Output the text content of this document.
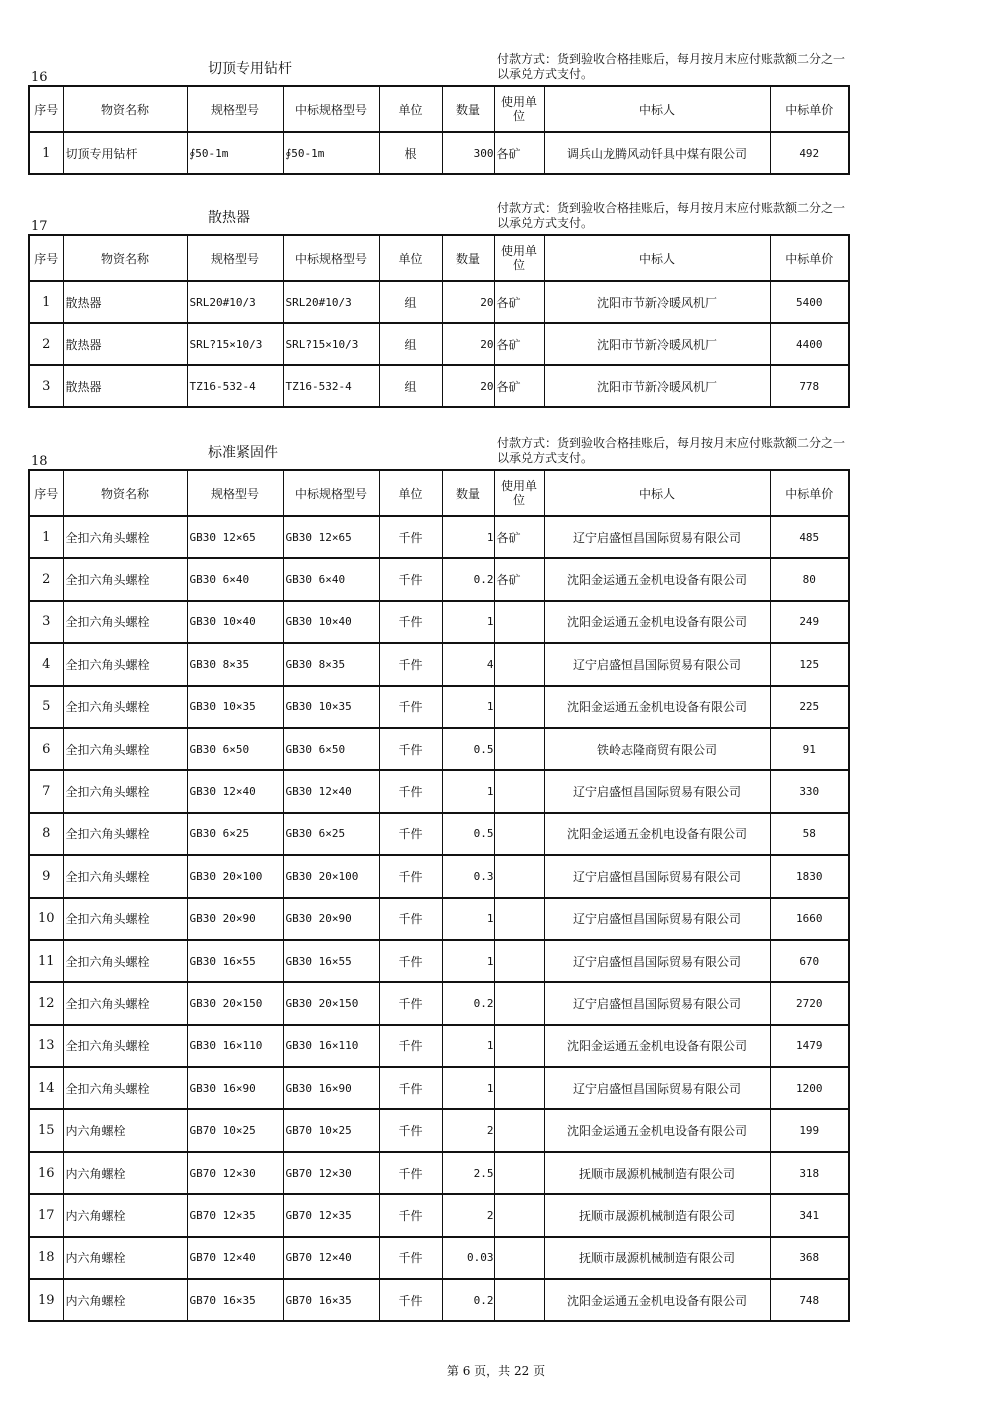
16
切顶专用钻杆
付款方式：货到验收合格挂账后，每月按月末应付账款额二分之一以承兑方式支付。
序号	物资名称	规格型号	中标规格型号	单位	数量	使用单位	中标人	中标单价
1	切顶专用钻杆	∮50-1m	∮50-1m	根	300	各矿	调兵山龙腾风动钎具中煤有限公司	492
17
散热器
付款方式：货到验收合格挂账后，每月按月末应付账款额二分之一以承兑方式支付。
序号	物资名称	规格型号	中标规格型号	单位	数量	使用单位	中标人	中标单价
1	散热器	SRL20#10/3	SRL20#10/3	组	20	各矿	沈阳市节新冷暖风机厂	5400
2	散热器	SRL?15×10/3	SRL?15×10/3	组	20	各矿	沈阳市节新冷暖风机厂	4400
3	散热器	TZ16-532-4	TZ16-532-4	组	20	各矿	沈阳市节新冷暖风机厂	778
18
标准紧固件
付款方式：货到验收合格挂账后，每月按月末应付账款额二分之一以承兑方式支付。
序号	物资名称	规格型号	中标规格型号	单位	数量	使用单位	中标人	中标单价
1	全扣六角头螺栓	GB30 12×65	GB30 12×65	千件	1	各矿	辽宁启盛恒昌国际贸易有限公司	485
2	全扣六角头螺栓	GB30 6×40	GB30 6×40	千件	0.2	各矿	沈阳金运通五金机电设备有限公司	80
3	全扣六角头螺栓	GB30 10×40	GB30 10×40	千件	1		沈阳金运通五金机电设备有限公司	249
4	全扣六角头螺栓	GB30 8×35	GB30 8×35	千件	4		辽宁启盛恒昌国际贸易有限公司	125
5	全扣六角头螺栓	GB30 10×35	GB30 10×35	千件	1		沈阳金运通五金机电设备有限公司	225
6	全扣六角头螺栓	GB30 6×50	GB30 6×50	千件	0.5		铁岭志隆商贸有限公司	91
7	全扣六角头螺栓	GB30 12×40	GB30 12×40	千件	1		辽宁启盛恒昌国际贸易有限公司	330
8	全扣六角头螺栓	GB30 6×25	GB30 6×25	千件	0.5		沈阳金运通五金机电设备有限公司	58
9	全扣六角头螺栓	GB30 20×100	GB30 20×100	千件	0.3		辽宁启盛恒昌国际贸易有限公司	1830
10	全扣六角头螺栓	GB30 20×90	GB30 20×90	千件	1		辽宁启盛恒昌国际贸易有限公司	1660
11	全扣六角头螺栓	GB30 16×55	GB30 16×55	千件	1		辽宁启盛恒昌国际贸易有限公司	670
12	全扣六角头螺栓	GB30 20×150	GB30 20×150	千件	0.2		辽宁启盛恒昌国际贸易有限公司	2720
13	全扣六角头螺栓	GB30 16×110	GB30 16×110	千件	1		沈阳金运通五金机电设备有限公司	1479
14	全扣六角头螺栓	GB30 16×90	GB30 16×90	千件	1		辽宁启盛恒昌国际贸易有限公司	1200
15	内六角螺栓	GB70 10×25	GB70 10×25	千件	2		沈阳金运通五金机电设备有限公司	199
16	内六角螺栓	GB70 12×30	GB70 12×30	千件	2.5		抚顺市晟源机械制造有限公司	318
17	内六角螺栓	GB70 12×35	GB70 12×35	千件	2		抚顺市晟源机械制造有限公司	341
18	内六角螺栓	GB70 12×40	GB70 12×40	千件	0.03		抚顺市晟源机械制造有限公司	368
19	内六角螺栓	GB70 16×35	GB70 16×35	千件	0.2		沈阳金运通五金机电设备有限公司	748
第 6 页，共 22 页
